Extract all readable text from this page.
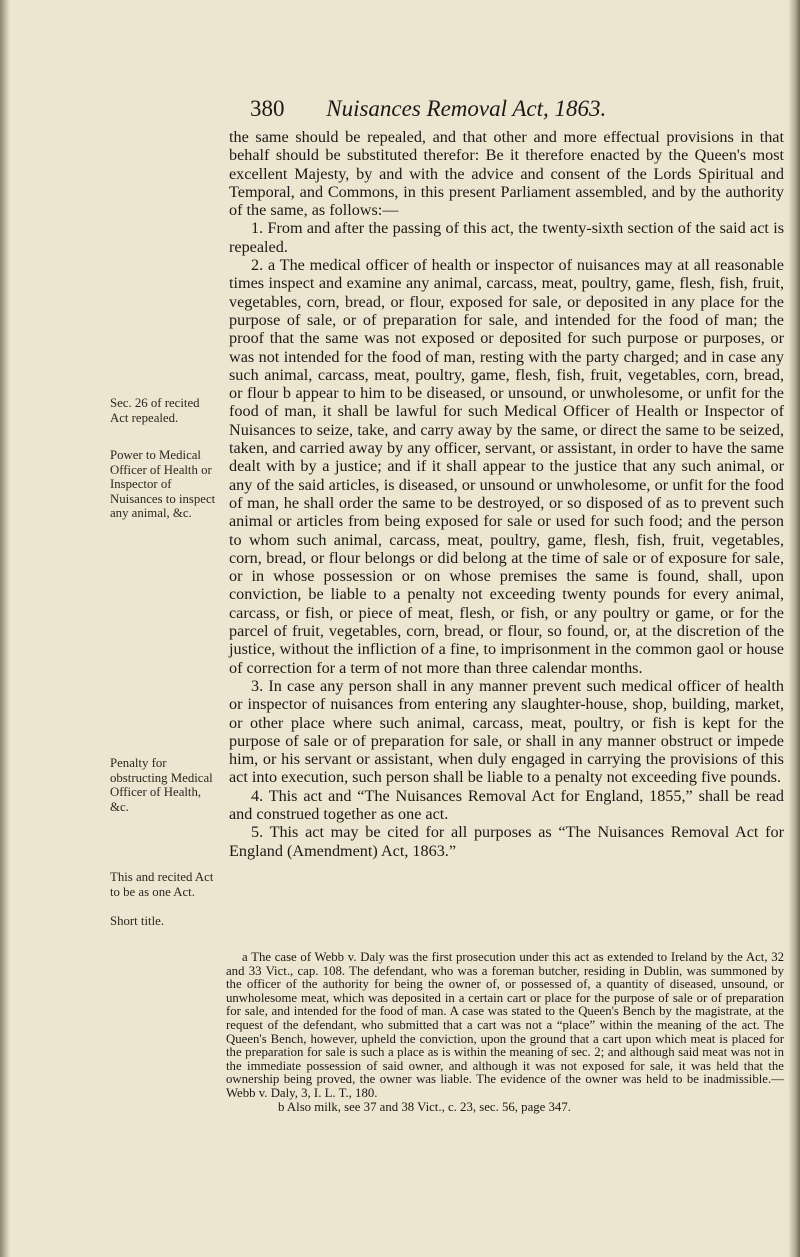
380 Nuisances Removal Act, 1863.
Sec. 26 of recited Act repealed.
Power to Medical Officer of Health or Inspector of Nuisances to inspect any animal, &c.
Penalty for obstructing Medical Officer of Health, &c.
This and recited Act to be as one Act.
Short title.

the same should be repealed, and that other and more effectual provisions in that behalf should be substituted therefor: Be it therefore enacted by the Queen's most excellent Majesty, by and with the advice and consent of the Lords Spiritual and Temporal, and Commons, in this present Parliament assembled, and by the authority of the same, as follows:—

1. From and after the passing of this act, the twenty-sixth section of the said act is repealed.

2. a The medical officer of health or inspector of nuisances may at all reasonable times inspect and examine any animal, carcass, meat, poultry, game, flesh, fish, fruit, vegetables, corn, bread, or flour, exposed for sale, or deposited in any place for the purpose of sale, or of preparation for sale, and intended for the food of man; the proof that the same was not exposed or deposited for such purpose or purposes, or was not intended for the food of man, resting with the party charged; and in case any such animal, carcass, meat, poultry, game, flesh, fish, fruit, vegetables, corn, bread, or flour b appear to him to be diseased, or unsound, or unwholesome, or unfit for the food of man, it shall be lawful for such Medical Officer of Health or Inspector of Nuisances to seize, take, and carry away by the same, or direct the same to be seized, taken, and carried away by any officer, servant, or assistant, in order to have the same dealt with by a justice; and if it shall appear to the justice that any such animal, or any of the said articles, is diseased, or unsound or unwholesome, or unfit for the food of man, he shall order the same to be destroyed, or so disposed of as to prevent such animal or articles from being exposed for sale or used for such food; and the person to whom such animal, carcass, meat, poultry, game, flesh, fish, fruit, vegetables, corn, bread, or flour belongs or did belong at the time of sale or of exposure for sale, or in whose possession or on whose premises the same is found, shall, upon conviction, be liable to a penalty not exceeding twenty pounds for every animal, carcass, or fish, or piece of meat, flesh, or fish, or any poultry or game, or for the parcel of fruit, vegetables, corn, bread, or flour, so found, or, at the discretion of the justice, without the infliction of a fine, to imprisonment in the common gaol or house of correction for a term of not more than three calendar months.

3. In case any person shall in any manner prevent such medical officer of health or inspector of nuisances from entering any slaughter-house, shop, building, market, or other place where such animal, carcass, meat, poultry, or fish is kept for the purpose of sale or of preparation for sale, or shall in any manner obstruct or impede him, or his servant or assistant, when duly engaged in carrying the provisions of this act into execution, such person shall be liable to a penalty not exceeding five pounds.

4. This act and “The Nuisances Removal Act for England, 1855,” shall be read and construed together as one act.

5. This act may be cited for all purposes as “The Nuisances Removal Act for England (Amendment) Act, 1863.”

a The case of Webb v. Daly was the first prosecution under this act as extended to Ireland by the Act, 32 and 33 Vict., cap. 108. The defendant, who was a foreman butcher, residing in Dublin, was summoned by the officer of the authority for being the owner of, or possessed of, a quantity of diseased, unsound, or unwholesome meat, which was deposited in a certain cart or place for the purpose of sale or of preparation for sale, and intended for the food of man. A case was stated to the Queen's Bench by the magistrate, at the request of the defendant, who submitted that a cart was not a “place” within the meaning of the act. The Queen's Bench, however, upheld the conviction, upon the ground that a cart upon which meat is placed for the preparation for sale is such a place as is within the meaning of sec. 2; and although said meat was not in the immediate possession of said owner, and although it was not exposed for sale, it was held that the ownership being proved, the owner was liable. The evidence of the owner was held to be inadmissible.—Webb v. Daly, 3, I. L. T., 180.

b Also milk, see 37 and 38 Vict., c. 23, sec. 56, page 347.
